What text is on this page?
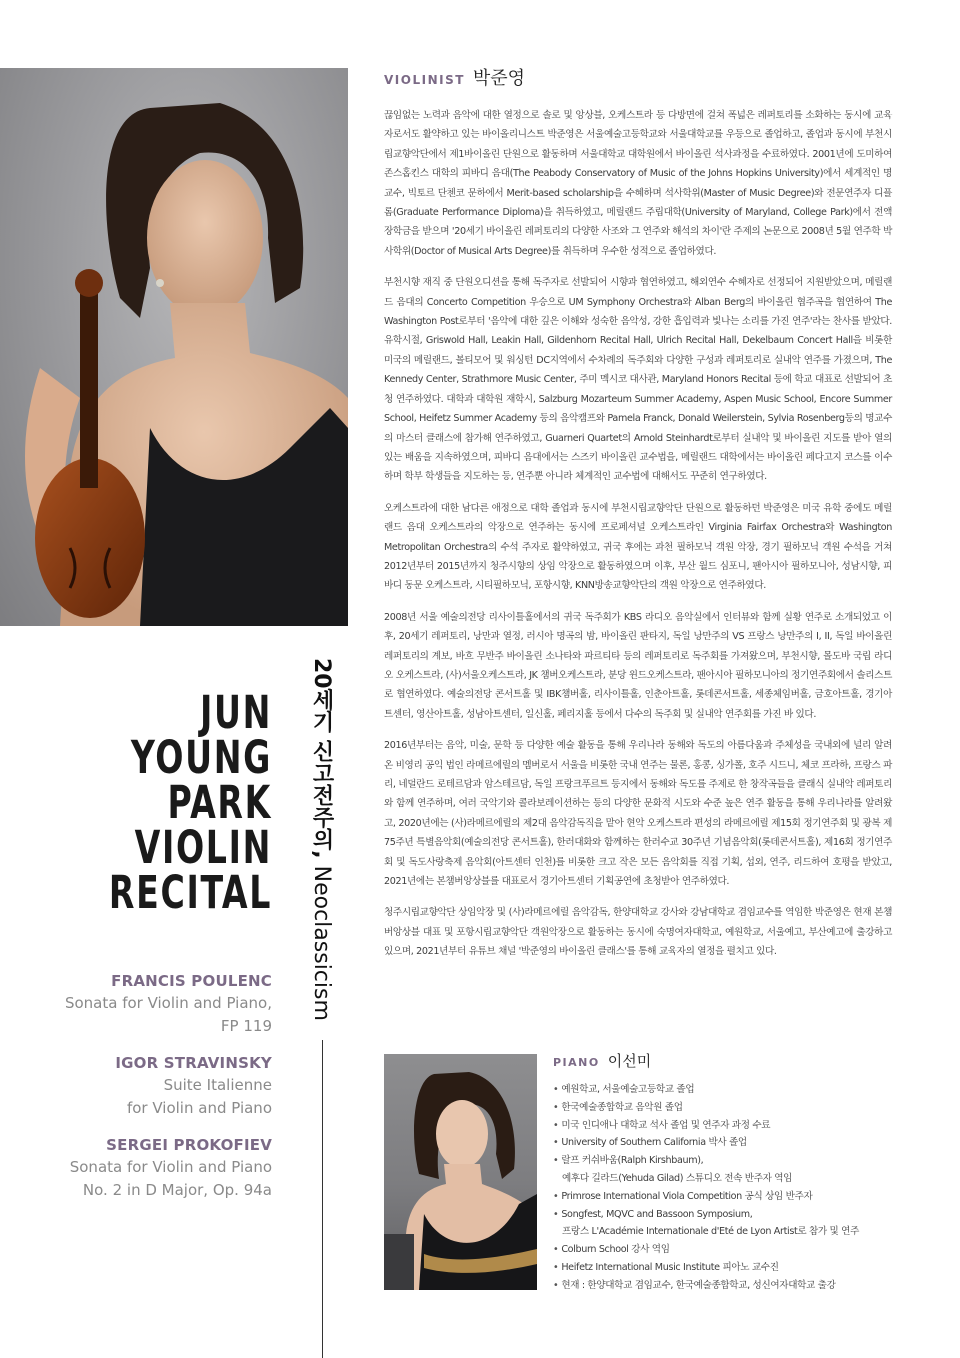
JUN
YOUNG
PARK
VIOLIN
RECITAL
20세기 신고전주의, Neoclassicism
FRANCIS POULENC
Sonata for Violin and Piano,
FP 119
IGOR STRAVINSKY
Suite Italienne
for Violin and Piano
SERGEI PROKOFIEV
Sonata for Violin and Piano
No. 2 in D Major, Op. 94a
VIOLINIST 박준영

끊임없는 노력과 음악에 대한 열정으로 솔로 및 앙상블, 오케스트라 등 다방면에 걸쳐 폭넓은 레퍼토리를 소화하는 동시에 교육자로서도 활약하고 있는 바이올리니스트 박준영은 서울예술고등학교와 서울대학교를 우등으로 졸업하고, 졸업과 동시에 부천시립교향악단에서 제1바이올린 단원으로 활동하며 서울대학교 대학원에서 바이올린 석사과정을 수료하였다. 2001년에 도미하여 존스홉킨스 대학의 피바디 음대(The Peabody Conservatory of Music of the Johns Hopkins University)에서 세계적인 명교수, 빅토르 단첸코 문하에서 Merit-based scholarship을 수혜하며 석사학위(Master of Music Degree)와 전문연주자 디플롬(Graduate Performance Diploma)을 취득하였고, 메릴랜드 주립대학(University of Maryland, College Park)에서 전액 장학금을 받으며 '20세기 바이올린 레퍼토리의 다양한 사조와 그 연주와 해석의 차이'란 주제의 논문으로 2008년 5월 연주학 박사학위(Doctor of Musical Arts Degree)를 취득하며 우수한 성적으로 졸업하였다.

부천시향 재직 중 단원오디션을 통해 독주자로 선발되어 시향과 협연하였고, 해외연수 수혜자로 선정되어 지원받았으며, 메릴랜드 음대의 Concerto Competition 우승으로 UM Symphony Orchestra와 Alban Berg의 바이올린 협주곡을 협연하여 The Washington Post로부터 '음악에 대한 깊은 이해와 성숙한 음악성, 강한 흡입력과 빛나는 소리를 가진 연주'라는 찬사를 받았다. 유학시절, Griswold Hall, Leakin Hall, Gildenhorn Recital Hall, Ulrich Recital Hall, Dekelbaum Concert Hall을 비롯한 미국의 메릴랜드, 볼티모어 및 워싱턴 DC지역에서 수차례의 독주회와 다양한 구성과 레퍼토리로 실내악 연주를 가졌으며, The Kennedy Center, Strathmore Music Center, 주미 멕시코 대사관, Maryland Honors Recital 등에 학교 대표로 선발되어 초청 연주하였다. 대학과 대학원 재학시, Salzburg Mozarteum Summer Academy, Aspen Music School, Encore Summer School, Heifetz Summer Academy 등의 음악캠프와 Pamela Franck, Donald Weilerstein, Sylvia Rosenberg등의 명교수의 마스터 클래스에 참가해 연주하였고, Guarneri Quartet의 Arnold Steinhardt로부터 실내악 및 바이올린 지도를 받아 열의있는 배움을 지속하였으며, 피바디 음대에서는 스즈키 바이올린 교수법을, 메릴랜드 대학에서는 바이올린 페다고지 코스를 이수하며 학부 학생들을 지도하는 등, 연주뿐 아니라 체계적인 교수법에 대해서도 꾸준히 연구하였다.

오케스트라에 대한 남다른 애정으로 대학 졸업과 동시에 부천시립교향악단 단원으로 활동하던 박준영은 미국 유학 중에도 메릴랜드 음대 오케스트라의 악장으로 연주하는 동시에 프로페셔널 오케스트라인 Virginia Fairfax Orchestra와 Washington Metropolitan Orchestra의 수석 주자로 활약하였고, 귀국 후에는 과천 필하모닉 객원 악장, 경기 필하모닉 객원 수석을 거쳐 2012년부터 2015년까지 청주시향의 상임 악장으로 활동하였으며 이후, 부산 월드 심포니, 팬아시아 필하모니아, 성남시향, 피바디 동문 오케스트라, 시티필하모닉, 포항시향, KNN방송교향악단의 객원 악장으로 연주하였다.

2008년 서울 예술의전당 리사이틀홀에서의 귀국 독주회가 KBS 라디오 음악실에서 인터뷰와 함께 실황 연주로 소개되었고 이후, 20세기 레퍼토리, 낭만과 열정, 러시아 명곡의 밤, 바이올린 판타지, 독일 낭만주의 VS 프랑스 낭만주의 I, II, 독일 바이올린 레퍼토리의 계보, 바흐 무반주 바이올린 소나타와 파르티타 등의 레퍼토리로 독주회를 가져왔으며, 부천시향, 몰도바 국립 라디오 오케스트라, (사)서울오케스트라, JK 챔버오케스트라, 분당 윈드오케스트라, 팬아시아 필하모니아의 정기연주회에서 솔리스트로 협연하였다. 예술의전당 콘서트홀 및 IBK챔버홀, 리사이틀홀, 인춘아트홀, 롯데콘서트홀, 세종체임버홀, 금호아트홀, 경기아트센터, 영산아트홀, 성남아트센터, 일신홀, 페리지홀 등에서 다수의 독주회 및 실내악 연주회를 가진 바 있다.

2016년부터는 음악, 미술, 문학 등 다양한 예술 활동을 통해 우리나라 동해와 독도의 아름다움과 주체성을 국내외에 널리 알려온 비영리 공익 법인 라메르에릴의 멤버로서 서울을 비롯한 국내 연주는 물론, 홍콩, 싱가폴, 호주 시드니, 체코 프라하, 프랑스 파리, 네덜란드 로테르담과 암스테르담, 독일 프랑크푸르트 등지에서 동해와 독도를 주제로 한 창작곡들을 클래식 실내악 레퍼토리와 함께 연주하며, 여러 국악기와 콜라보레이션하는 등의 다양한 문화적 시도와 수준 높은 연주 활동을 통해 우리나라를 알려왔고, 2020년에는 (사)라메르에릴의 제2대 음악감독직을 맡아 현악 오케스트라 편성의 라메르에릴 제15회 정기연주회 및 광복 제75주년 특별음악회(예술의전당 콘서트홀), 한러대화와 함께하는 한러수교 30주년 기념음악회(롯데콘서트홀), 제16회 정기연주회 및 독도사랑축제 음악회(아트센터 인천)를 비롯한 크고 작은 모든 음악회를 직접 기획, 섭외, 연주, 리드하여 호평을 받았고, 2021년에는 본챔버앙상블를 대표로서 경기아트센터 기획공연에 초청받아 연주하였다.

청주시립교향악단 상임악장 및 (사)라메르에릴 음악감독, 한양대학교 강사와 강남대학교 겸임교수를 역임한 박준영은 현재 본챔버앙상블 대표 및 포항시립교향악단 객원악장으로 활동하는 동시에 숙명여자대학교, 예원학교, 서울예고, 부산예고에 출강하고 있으며, 2021년부터 유튜브 채널 '박준영의 바이올린 클래스'를 통해 교육자의 열정을 펼치고 있다.

PIANO 이선미
• 예원학교, 서울예술고등학교 졸업
• 한국예술종합학교 음악원 졸업
• 미국 인디애나 대학교 석사 졸업 및 연주자 과정 수료
• University of Southern California 박사 졸업
• 랄프 커쉬바움(Ralph Kirshbaum),
예후다 길라드(Yehuda Gilad) 스튜디오 전속 반주자 역임
• Primrose International Viola Competition 공식 상임 반주자
• Songfest, MQVC and Bassoon Symposium,
프랑스 L'Académie Internationale d'Eté de Lyon Artist로 참가 및 연주
• Colburn School 강사 역임
• Heifetz International Music Institute 피아노 교수진
• 현재 : 한양대학교 겸임교수, 한국예술종합학교, 성신여자대학교 출강
